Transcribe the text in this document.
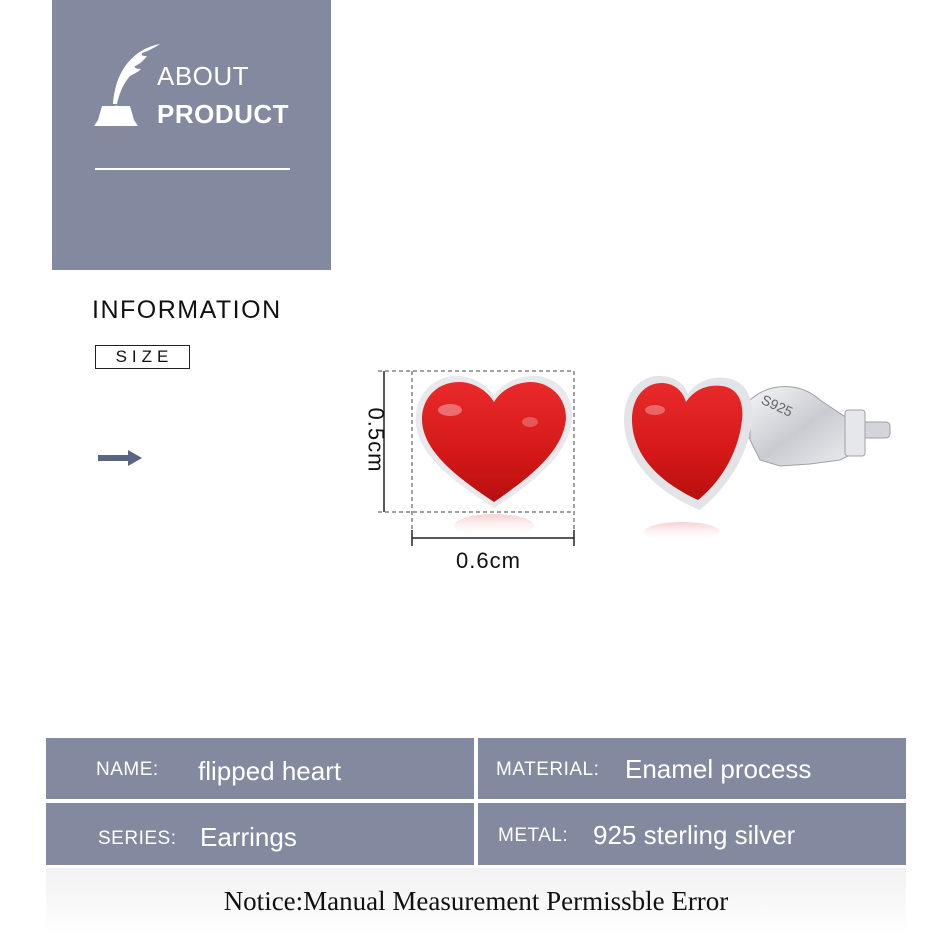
ABOUT
PRODUCT
INFORMATION
SIZE
S925
0.5cm
0.6cm
NAME: flipped heart	MATERIAL: Enamel process
SERIES: Earrings	METAL: 925 sterling silver
Notice:Manual Measurement Permissble Error
